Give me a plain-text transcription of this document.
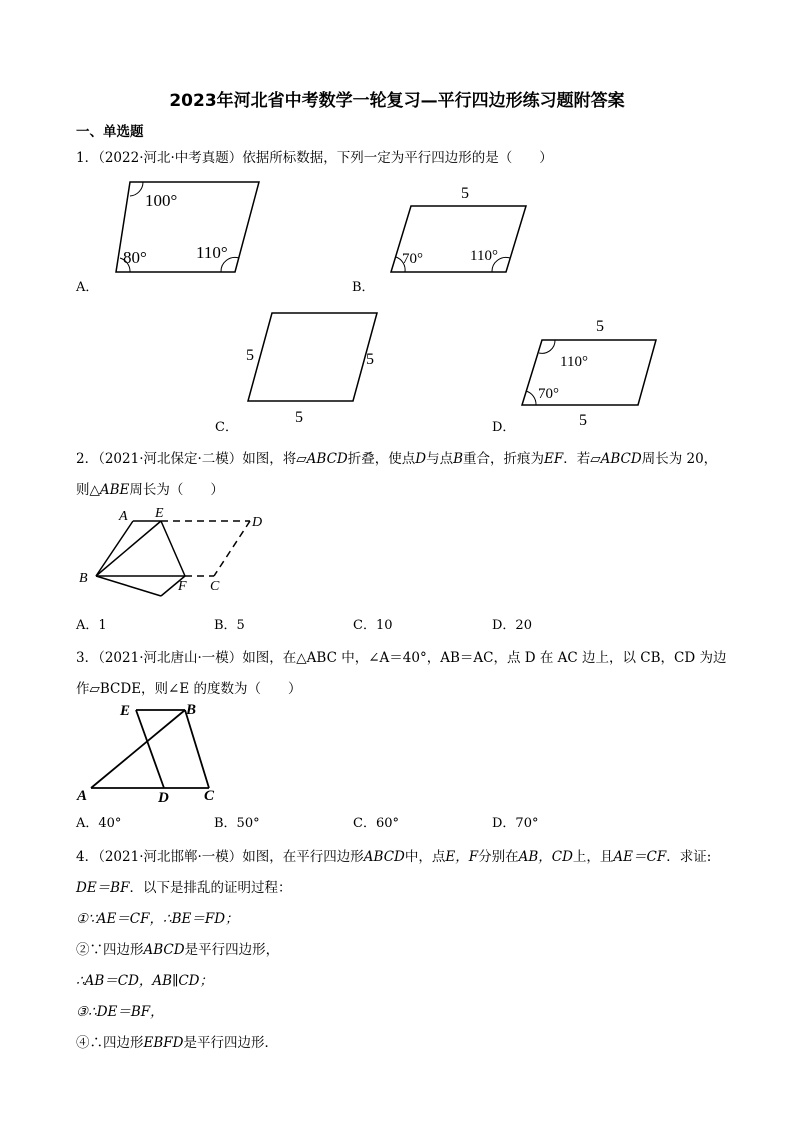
2023年河北省中考数学一轮复习—平行四边形练习题附答案
一、单选题
1．（2022·河北·中考真题）依据所标数据，下列一定为平行四边形的是（　　）
100°
80°	110°
A．
5
70°	110°
B．
5	5
5
C．
5
110°
70°
5
D．
2．（2021·河北保定·二模）如图，将▱ABCD折叠，使点D与点B重合，折痕为EF．若▱ABCD周长为 20，
则△ABE周长为（　　）
A E
D
B
F C
A．1	B．5	C．10	D．20
3．（2021·河北唐山·一模）如图，在△ABC 中，∠A＝40°，AB＝AC，点 D 在 AC 边上，以 CB，CD 为边
作▱BCDE，则∠E 的度数为（　　）
E	B
A	D C
A．40°	B．50°	C．60°	D．70°
4．（2021·河北邯郸·一模）如图，在平行四边形ABCD中，点E，F分别在AB，CD上，且AE＝CF．求证:
DE＝BF．以下是排乱的证明过程：
①∵AE＝CF，∴BE＝FD；
②∵四边形ABCD是平行四边形，
∴AB＝CD，AB∥CD；
③∴DE＝BF，
④∴四边形EBFD是平行四边形．
